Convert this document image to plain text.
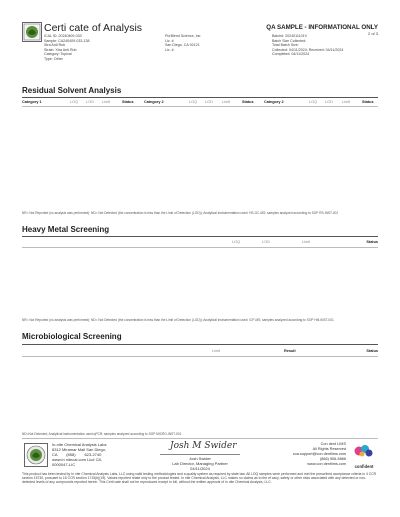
Certi cate of Analysis	QA SAMPLE - INFORMATIONAL ONLY
2 of 3
ICAL ID: 20240409-033
Sample: CA240409-033-138
Xtra Anti Rub
Strain: Xtra Anti Rub
Category: Topical
Type: Other
PurBlend Science, Inc.
Lic. #
San Diego, CA 92121
Lic. #
Batch#: 2024011101V
Batch Size Collected:
Total Batch Size:
Collected: 04/11/2024; Received: 04/11/2024
Completed: 04/11/2024
Residual Solvent Analysis
Category 1	LOQ LOD Limit	Status	Category 2	LOQ LOD Limit	Status	Category 2	LOQ LOD Limit	Status
NR= Not Reported (no analysis was performed); ND= Not Detected (the concentration is less than the Limit of Detection (LOD)); Analytical instrumentation used: HS-GC-MS; samples analyzed according to SOP RS-INST-001
Heavy Metal Screening
LOQ	LOD	Limit	Status
NR= Not Reported (no analysis was performed); ND= Not Detected (the concentration is less than the Limit of Detection (LOD)); Analytical instrumentation used: ICP-MS; samples analyzed according to SOP HM-INST-001
Microbiological Screening
Limit	Result	Status
ND=Not Detected; Analytical instrumentation used:qPCR; samples analyzed according to SOP MICRO-INST-001
In-nite Chemical Analysis Labs
8312 Miramar Mall San Diego,
CA        (858)        623-2740
www.in nitecal.com Lic# C8-
0000047-LIC
Josh M Swider
Josh Swider
Lab Director, Managing Partner
04/11/2024
Con dent LIMS
All Rights Reserved
coa.support@con dentlims.com
(866) 506-5866
www.con dentlims.com	confident
This product has been tested by In nite Chemical Analysis Labs, LLC using valid testing methodologies and a quality system as required by state law. All LOQ samples were performed and met the prescribed acceptance criteria in 4 CCR section 15730, pursuant to 16 CCR section 1715(b)(19). Values reported relate only to the product tested. In nite Chemical Analysis, LLC makes no claims as to the ef cacy, safety or other risks associated with any detected or non-detected levels of any compounds reported herein. This Certi cate shall not be reproduced except in full, without the written approval of In nite Chemical Analysis, LLC.
